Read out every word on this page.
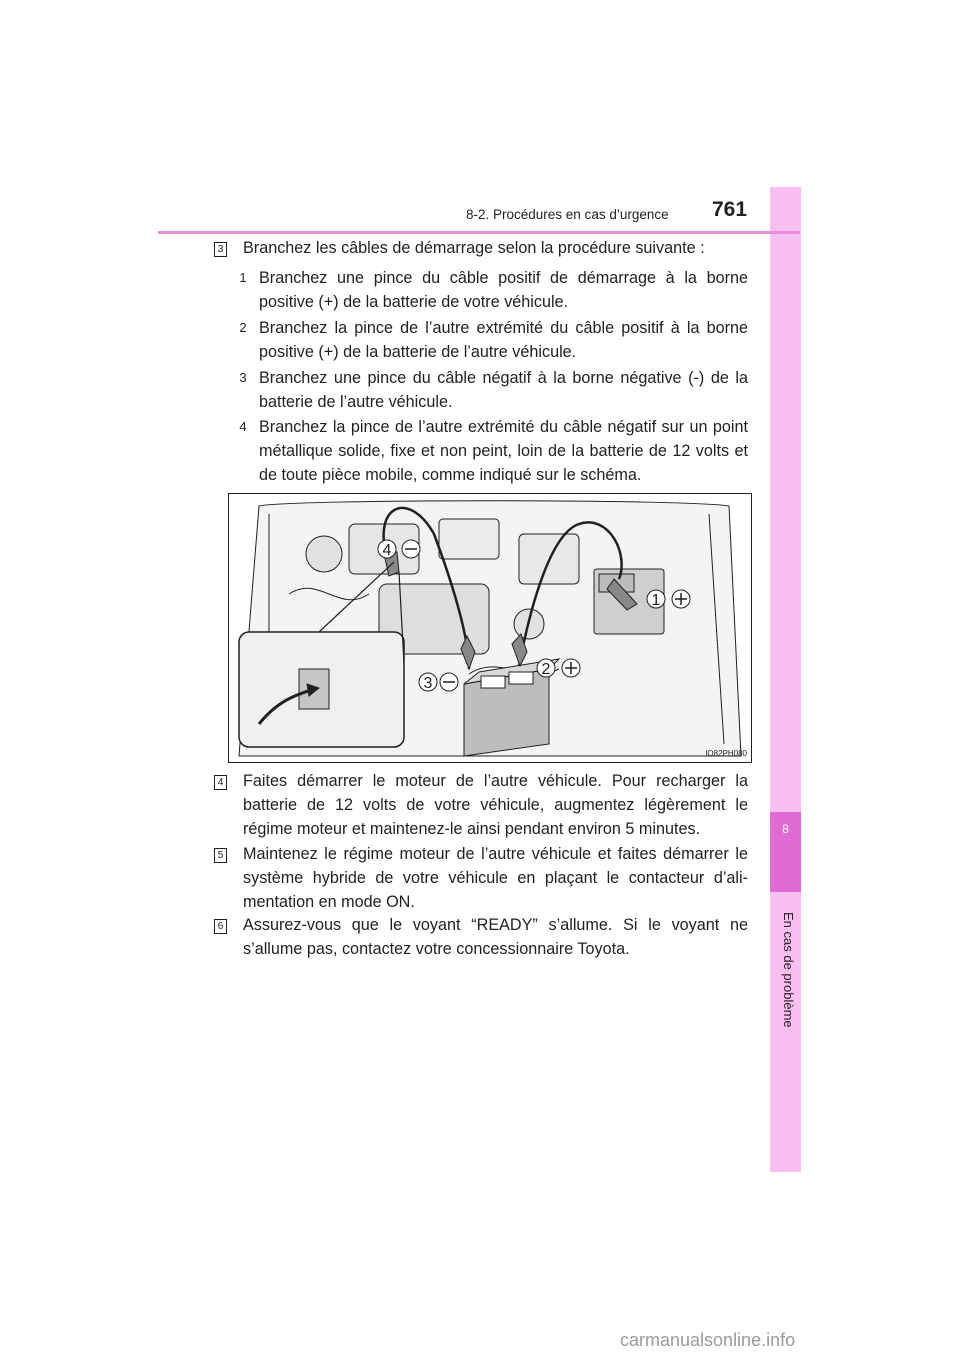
8
En cas de problème
8-2. Procédures en cas d’urgence 761
3 Branchez les câbles de démarrage selon la procédure suivante :
1 Branchez une pince du câble positif de démarrage à la borne positive (+) de la batterie de votre véhicule.
2 Branchez la pince de l’autre extrémité du câble positif à la borne positive (+) de la batterie de l’autre véhicule.
3 Branchez une pince du câble négatif à la borne négative (-) de la batterie de l’autre véhicule.
4 Branchez la pince de l’autre extrémité du câble négatif sur un point métallique solide, fixe et non peint, loin de la batterie de 12 volts et de toute pièce mobile, comme indiqué sur le schéma.
1
2
3
4
IO82PH080
4 Faites démarrer le moteur de l’autre véhicule. Pour recharger la batterie de 12 volts de votre véhicule, augmentez légèrement le régime moteur et maintenez-le ainsi pendant environ 5 minutes.
5 Maintenez le régime moteur de l’autre véhicule et faites démarrer le système hybride de votre véhicule en plaçant le contacteur d’ali-mentation en mode ON.
6 Assurez-vous que le voyant “READY” s’allume. Si le voyant ne s’allume pas, contactez votre concessionnaire Toyota.
carmanualsonline.info
